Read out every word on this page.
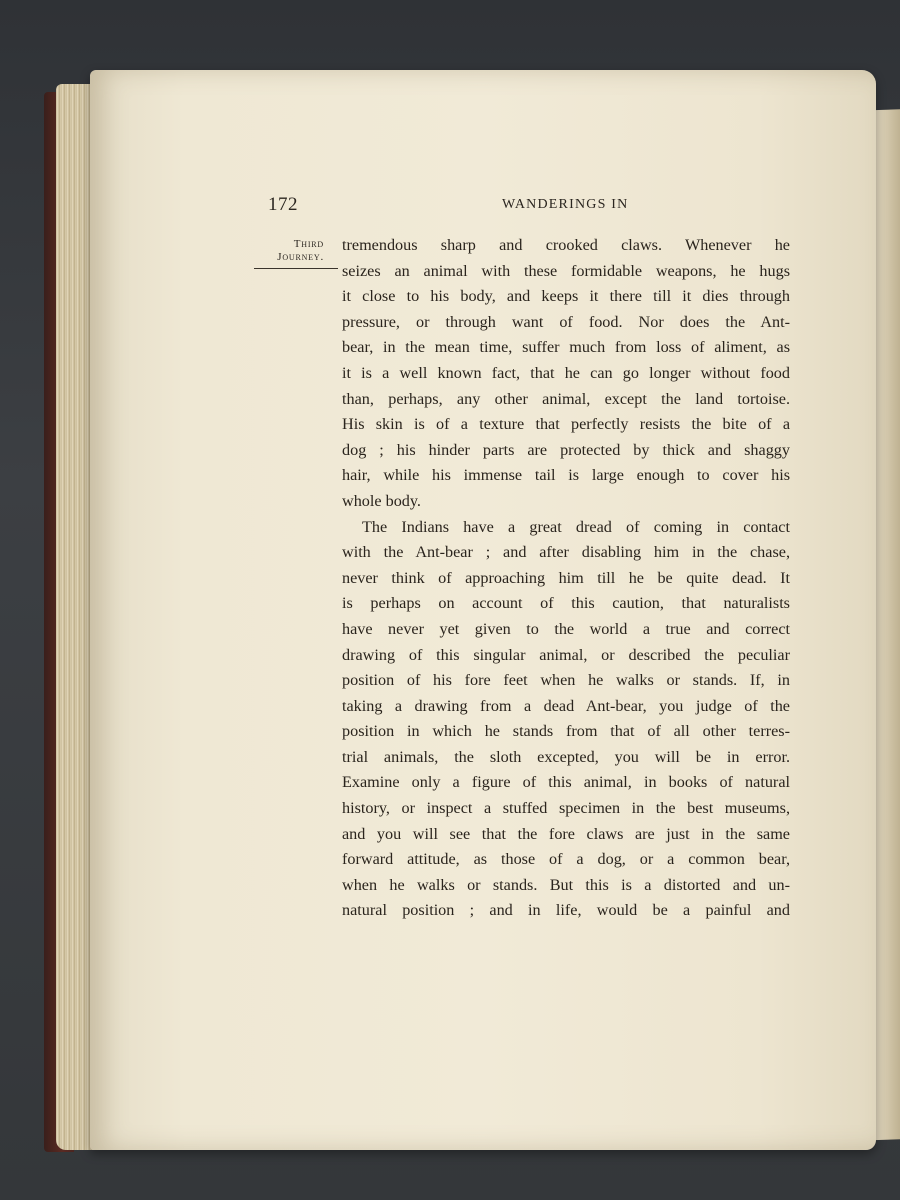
172	WANDERINGS IN
Third
Journey.
tremendous sharp and crooked claws. Whenever he
seizes an animal with these formidable weapons, he hugs
it close to his body, and keeps it there till it dies through
pressure, or through want of food. Nor does the Ant-
bear, in the mean time, suffer much from loss of aliment, as
it is a well known fact, that he can go longer without food
than, perhaps, any other animal, except the land tortoise.
His skin is of a texture that perfectly resists the bite of a
dog ; his hinder parts are protected by thick and shaggy
hair, while his immense tail is large enough to cover his
whole body.
The Indians have a great dread of coming in contact
with the Ant-bear ; and after disabling him in the chase,
never think of approaching him till he be quite dead. It
is perhaps on account of this caution, that naturalists
have never yet given to the world a true and correct
drawing of this singular animal, or described the peculiar
position of his fore feet when he walks or stands. If, in
taking a drawing from a dead Ant-bear, you judge of the
position in which he stands from that of all other terres-
trial animals, the sloth excepted, you will be in error.
Examine only a figure of this animal, in books of natural
history, or inspect a stuffed specimen in the best museums,
and you will see that the fore claws are just in the same
forward attitude, as those of a dog, or a common bear,
when he walks or stands. But this is a distorted and un-
natural position ; and in life, would be a painful and
